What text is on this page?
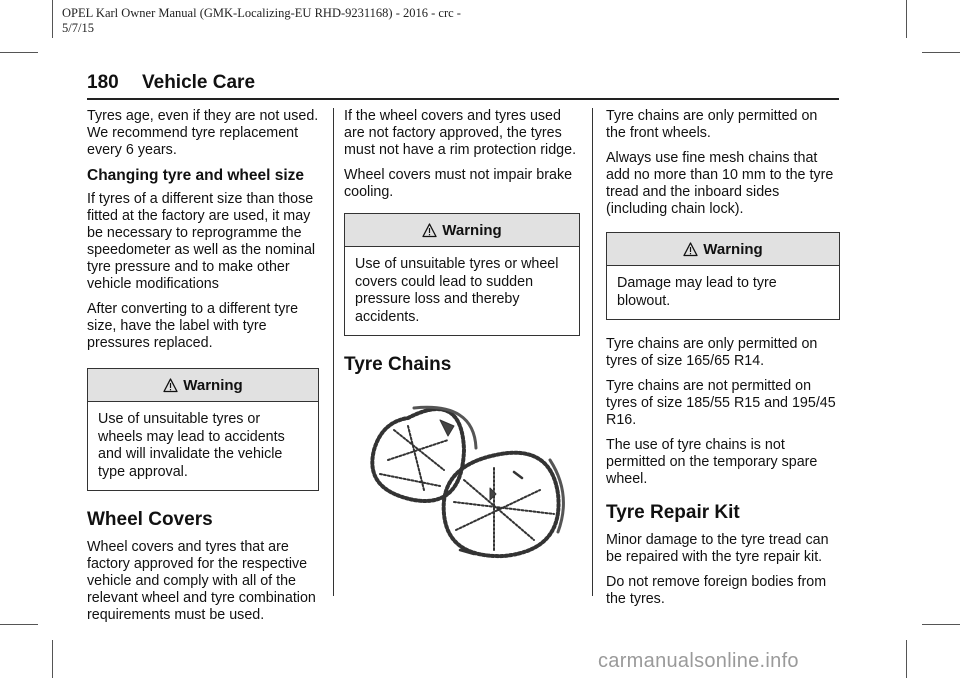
OPEL Karl Owner Manual (GMK-Localizing-EU RHD-9231168) - 2016 - crc -
5/7/15
180 Vehicle Care

Tyres age, even if they are not used. We recommend tyre replacement every 6 years.

Changing tyre and wheel size

If tyres of a different size than those fitted at the factory are used, it may be necessary to reprogramme the speedometer as well as the nominal tyre pressure and to make other vehicle modifications

After converting to a different tyre size, have the label with tyre pressures replaced.

Warning
Use of unsuitable tyres or wheels may lead to accidents and will invalidate the vehicle type approval.
Wheel Covers

Wheel covers and tyres that are factory approved for the respective vehicle and comply with all of the relevant wheel and tyre combination requirements must be used.

If the wheel covers and tyres used are not factory approved, the tyres must not have a rim protection ridge.

Wheel covers must not impair brake cooling.

Warning
Use of unsuitable tyres or wheel covers could lead to sudden pressure loss and thereby accidents.
Tyre Chains

Tyre chains are only permitted on the front wheels.

Always use fine mesh chains that add no more than 10 mm to the tyre tread and the inboard sides (including chain lock).

Warning
Damage may lead to tyre blowout.

Tyre chains are only permitted on tyres of size 165/65 R14.

Tyre chains are not permitted on tyres of size 185/55 R15 and 195/45 R16.

The use of tyre chains is not permitted on the temporary spare wheel.

Tyre Repair Kit

Minor damage to the tyre tread can be repaired with the tyre repair kit.

Do not remove foreign bodies from the tyres.

carmanualsonline.info
